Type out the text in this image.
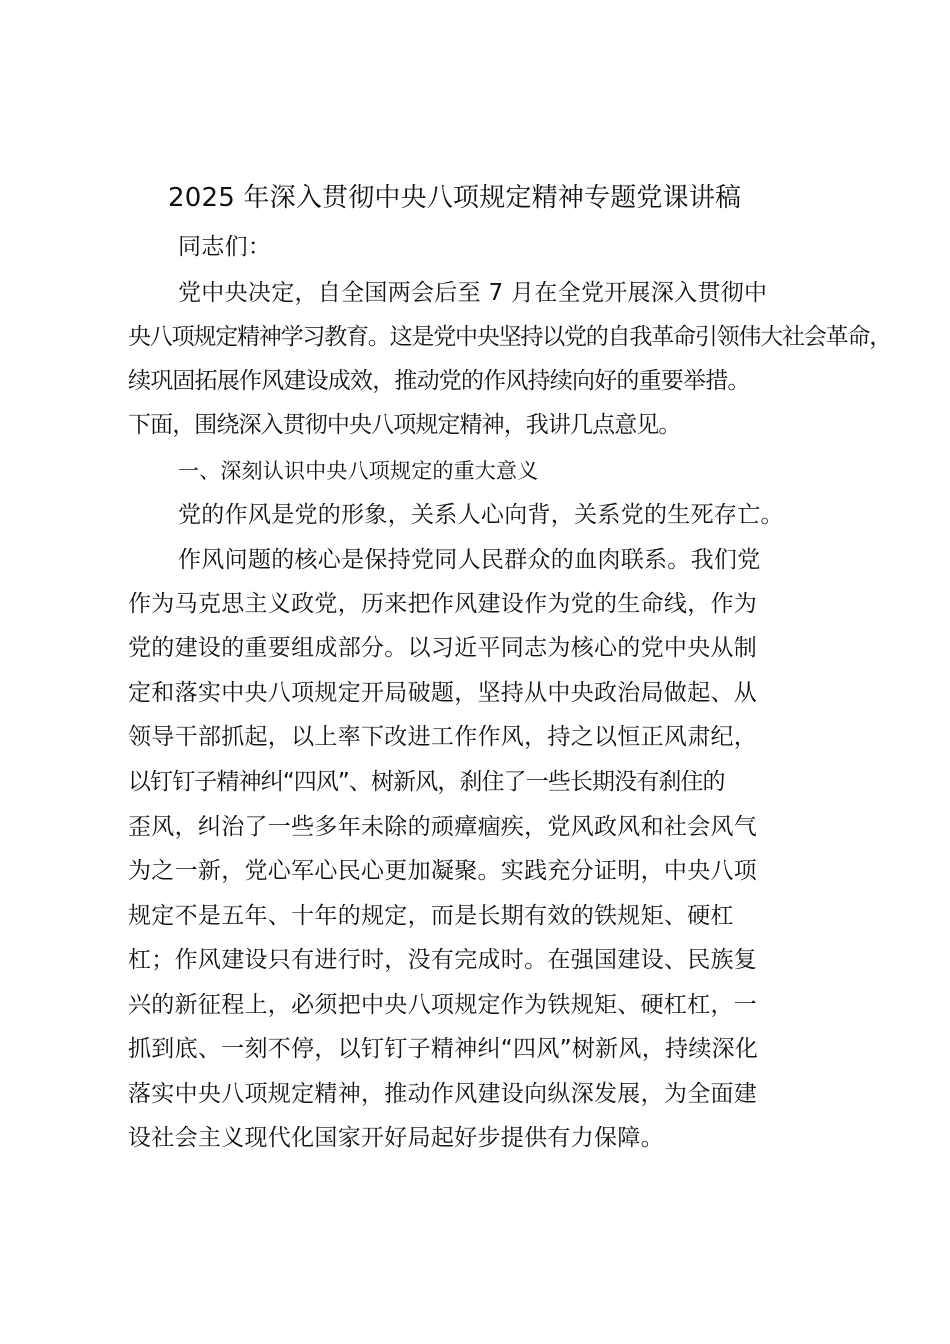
2025 年深入贯彻中央八项规定精神专题党课讲稿
同志们：
党中央决定，自全国两会后至 7 月在全党开展深入贯彻中
央八项规定精神学习教育。这是党中央坚持以党的自我革命引领伟大社会革命，
续巩固拓展作风建设成效，推动党的作风持续向好的重要举措。
下面，围绕深入贯彻中央八项规定精神，我讲几点意见。
一、深刻认识中央八项规定的重大意义
党的作风是党的形象，关系人心向背，关系党的生死存亡。
作风问题的核心是保持党同人民群众的血肉联系。我们党
作为马克思主义政党，历来把作风建设作为党的生命线，作为
党的建设的重要组成部分。以习近平同志为核心的党中央从制
定和落实中央八项规定开局破题，坚持从中央政治局做起、从
领导干部抓起，以上率下改进工作作风，持之以恒正风肃纪，
以钉钉子精神纠“四风”、树新风，刹住了一些长期没有刹住的
歪风，纠治了一些多年未除的顽瘴痼疾，党风政风和社会风气
为之一新，党心军心民心更加凝聚。实践充分证明，中央八项
规定不是五年、十年的规定，而是长期有效的铁规矩、硬杠
杠；作风建设只有进行时，没有完成时。在强国建设、民族复
兴的新征程上，必须把中央八项规定作为铁规矩、硬杠杠，一
抓到底、一刻不停，以钉钉子精神纠“四风”树新风，持续深化
落实中央八项规定精神，推动作风建设向纵深发展，为全面建
设社会主义现代化国家开好局起好步提供有力保障。
